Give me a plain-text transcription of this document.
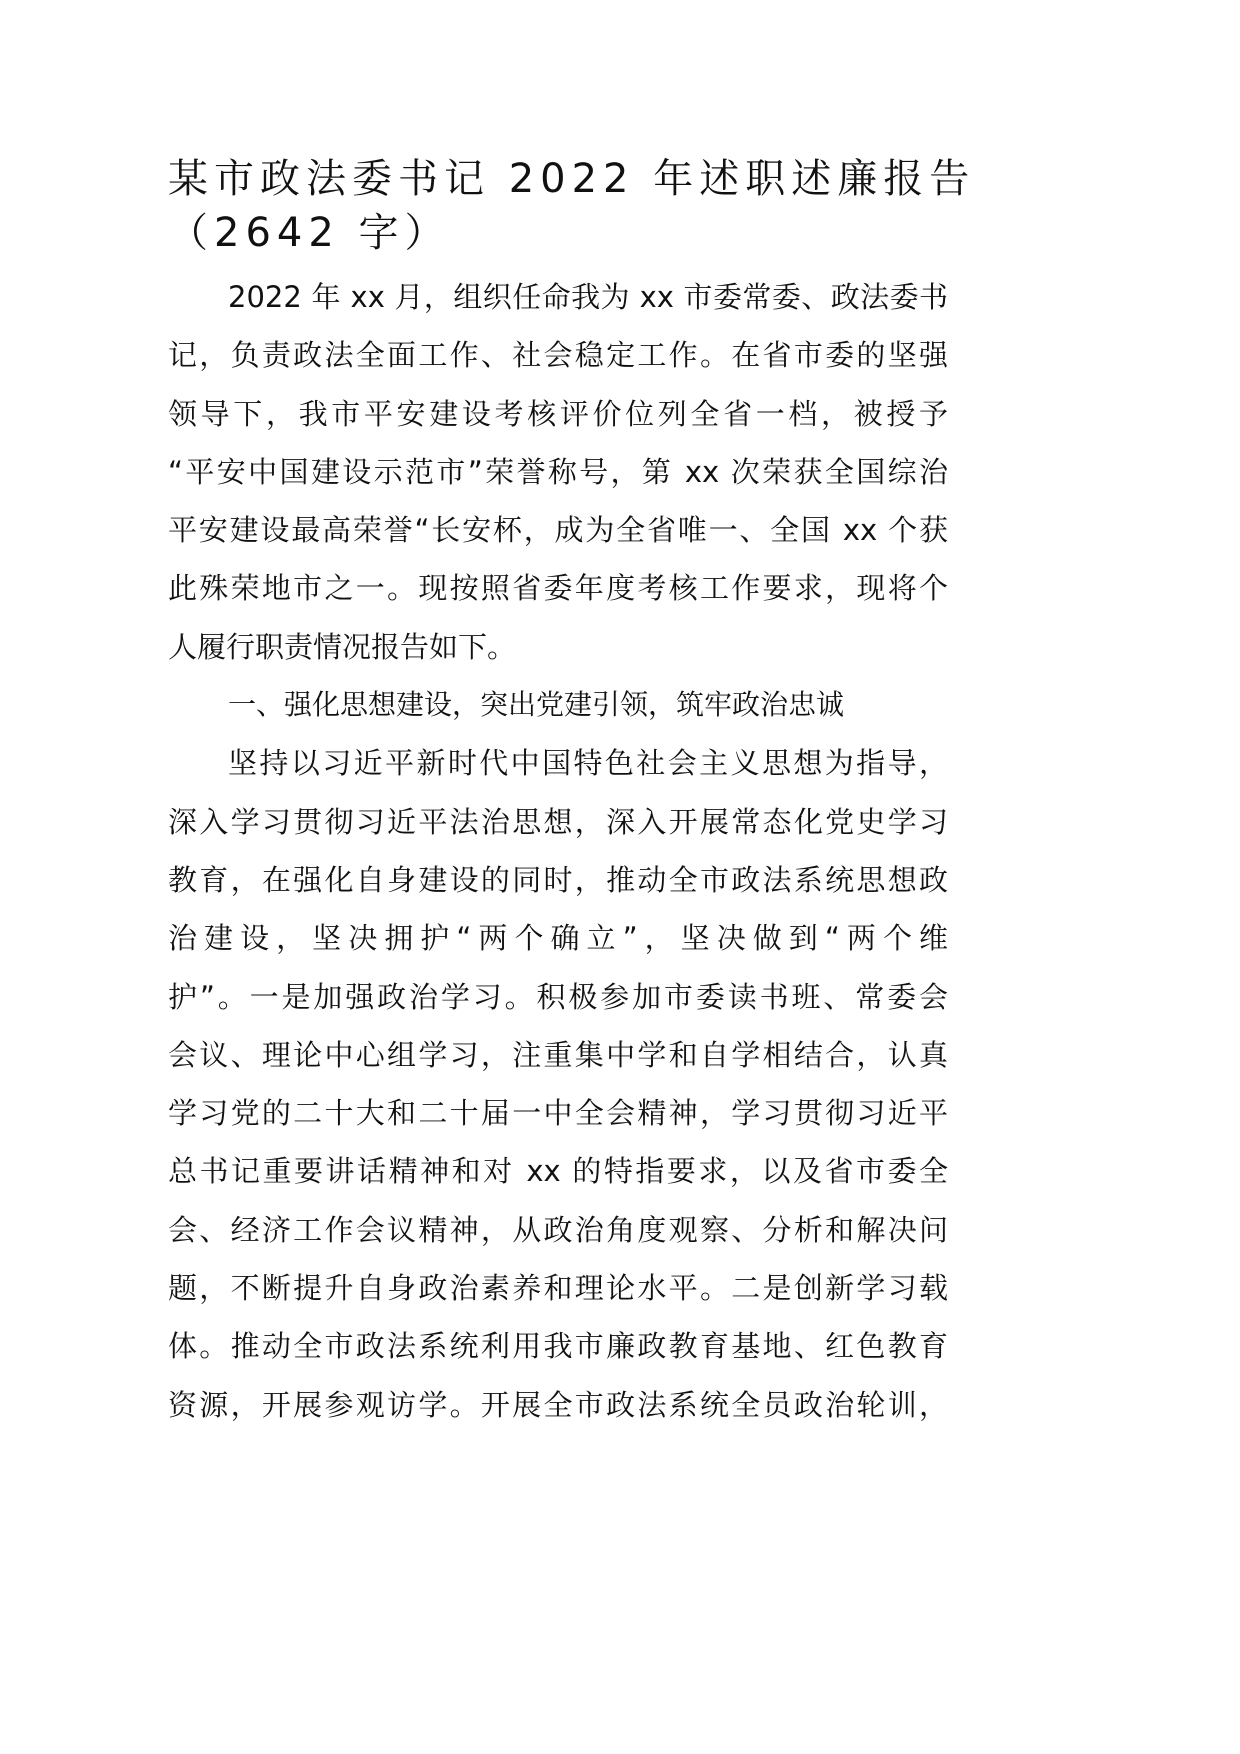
某市政法委书记 2022 年述职述廉报告
（2642 字）
2022 年 xx 月，组织任命我为 xx 市委常委、政法委书
记，负责政法全面工作、社会稳定工作。在省市委的坚强
领导下，我市平安建设考核评价位列全省一档，被授予
“平安中国建设示范市”荣誉称号，第 xx 次荣获全国综治
平安建设最高荣誉“长安杯，成为全省唯一、全国 xx 个获
此殊荣地市之一。现按照省委年度考核工作要求，现将个
人履行职责情况报告如下。
一、强化思想建设，突出党建引领，筑牢政治忠诚
坚持以习近平新时代中国特色社会主义思想为指导，
深入学习贯彻习近平法治思想，深入开展常态化党史学习
教育，在强化自身建设的同时，推动全市政法系统思想政
治建设，坚决拥护“两个确立”，坚决做到“两个维
护”。一是加强政治学习。积极参加市委读书班、常委会
会议、理论中心组学习，注重集中学和自学相结合，认真
学习党的二十大和二十届一中全会精神，学习贯彻习近平
总书记重要讲话精神和对 xx 的特指要求，以及省市委全
会、经济工作会议精神，从政治角度观察、分析和解决问
题，不断提升自身政治素养和理论水平。二是创新学习载
体。推动全市政法系统利用我市廉政教育基地、红色教育
资源，开展参观访学。开展全市政法系统全员政治轮训，
